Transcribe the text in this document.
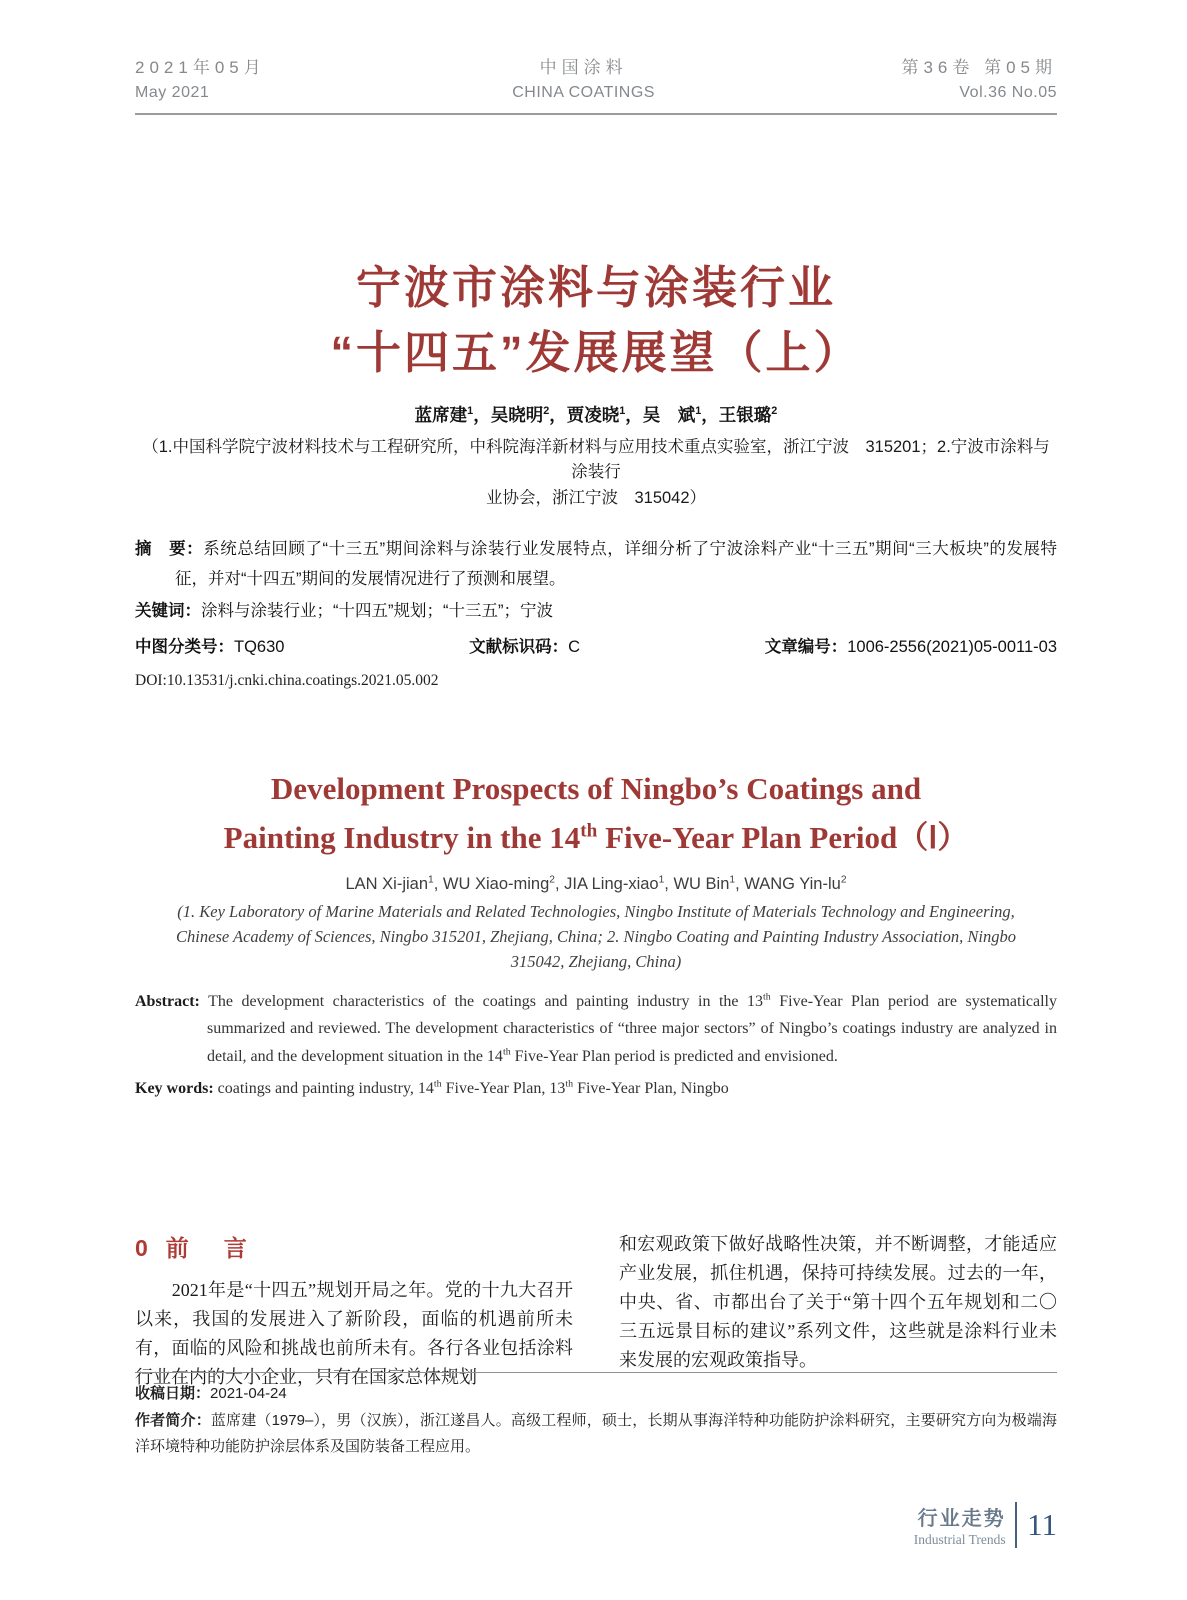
2021年05月
May 2021
中国涂料
CHINA COATINGS
第36卷 第05期
Vol.36 No.05
宁波市涂料与涂装行业
“十四五”发展展望（上）
蓝席建$^1$，吴晓明$^2$，贾凌晓$^1$，吴　斌$^1$，王银璐$^2$
（1.中国科学院宁波材料技术与工程研究所，中科院海洋新材料与应用技术重点实验室，浙江宁波　315201；2.宁波市涂料与涂装行
业协会，浙江宁波　315042）
摘　要：系统总结回顾了“十三五”期间涂料与涂装行业发展特点，详细分析了宁波涂料产业“十三五”期间“三大板块”的发展特征，并对“十四五”期间的发展情况进行了预测和展望。
关键词：涂料与涂装行业；“十四五”规划；“十三五”；宁波
中图分类号：TQ630	文献标识码：C	文章编号：1006-2556(2021)05-0011-03
DOI:10.13531/j.cnki.china.coatings.2021.05.002
Development Prospects of Ningbo’s Coatings and
Painting Industry in the 14th Five-Year Plan Period（Ⅰ）
LAN Xi-jian$^1$, WU Xiao-ming$^2$, JIA Ling-xiao$^1$, WU Bin$^1$, WANG Yin-$lu^2$
(1. Key Laboratory of Marine Materials and Related Technologies, Ningbo Institute of Materials Technology and Engineering,
Chinese Academy of Sciences, Ningbo 315201, Zhejiang, China; 2. Ningbo Coating and Painting Industry Association, Ningbo
315042, Zhejiang, China)
Abstract: The development characteristics of the coatings and painting industry in the 13th Five-Year Plan period are systematically summarized and reviewed. The development characteristics of “three major sectors” of Ningbo’s coatings industry are analyzed in detail, and the development situation in the 14th Five-Year Plan period is predicted and envisioned.
Key words: coatings and painting industry, 14th Five-Year Plan, 13th Five-Year Plan, Ningbo
0 前　言
　　2021年是“十四五”规划开局之年。党的十九大召开以来，我国的发展进入了新阶段，面临的机遇前所未有，面临的风险和挑战也前所未有。各行各业包括涂料行业在内的大小企业，只有在国家总体规划
和宏观政策下做好战略性决策，并不断调整，才能适应产业发展，抓住机遇，保持可持续发展。过去的一年，中央、省、市都出台了关于“第十四个五年规划和二〇三五远景目标的建议”系列文件，这些就是涂料行业未来发展的宏观政策指导。
收稿日期：2021-04-24
作者简介：蓝席建（1979–），男（汉族），浙江遂昌人。高级工程师，硕士，长期从事海洋特种功能防护涂料研究，主要研究方向为极端海洋环境特种功能防护涂层体系及国防装备工程应用。
行业走势
Industrial Trends 11
